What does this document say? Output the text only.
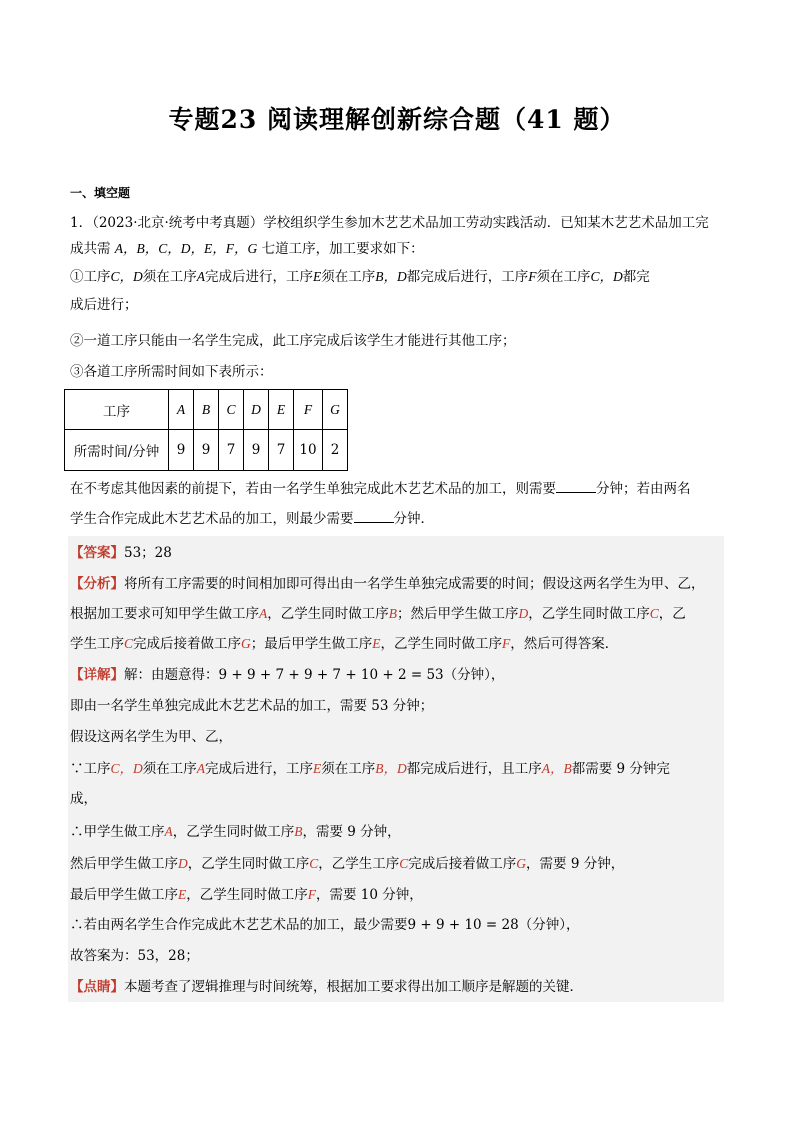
专题23 阅读理解创新综合题（41 题）
一、填空题
1．（2023·北京·统考中考真题）学校组织学生参加木艺艺术品加工劳动实践活动．已知某木艺艺术品加工完
成共需 A，B，C，D，E，F，G 七道工序，加工要求如下：
①工序C，D须在工序A完成后进行，工序E须在工序B，D都完成后进行，工序F须在工序C，D都完
成后进行；
②一道工序只能由一名学生完成，此工序完成后该学生才能进行其他工序；
③各道工序所需时间如下表所示：
工序	A	B	C	D	E	F	G
所需时间/分钟	9	9	7	9	7	10	2
在不考虑其他因素的前提下，若由一名学生单独完成此木艺艺术品的加工，则需要	分钟；若由两名
学生合作完成此木艺艺术品的加工，则最少需要	分钟．
【答案】53；28
【分析】将所有工序需要的时间相加即可得出由一名学生单独完成需要的时间；假设这两名学生为甲、乙，
根据加工要求可知甲学生做工序A，乙学生同时做工序B；然后甲学生做工序D，乙学生同时做工序C，乙
学生工序C完成后接着做工序G；最后甲学生做工序E，乙学生同时做工序F，然后可得答案．
【详解】解：由题意得：9 + 9 + 7 + 9 + 7 + 10 + 2 = 53（分钟），
即由一名学生单独完成此木艺艺术品的加工，需要 53 分钟；
假设这两名学生为甲、乙，
∵工序C，D须在工序A完成后进行，工序E须在工序B，D都完成后进行，且工序A，B都需要 9 分钟完
成，
∴甲学生做工序A，乙学生同时做工序B，需要 9 分钟，
然后甲学生做工序D，乙学生同时做工序C，乙学生工序C完成后接着做工序G，需要 9 分钟，
最后甲学生做工序E，乙学生同时做工序F，需要 10 分钟，
∴若由两名学生合作完成此木艺艺术品的加工，最少需要9 + 9 + 10 = 28（分钟），
故答案为：53，28；
【点睛】本题考查了逻辑推理与时间统筹，根据加工要求得出加工顺序是解题的关键．
